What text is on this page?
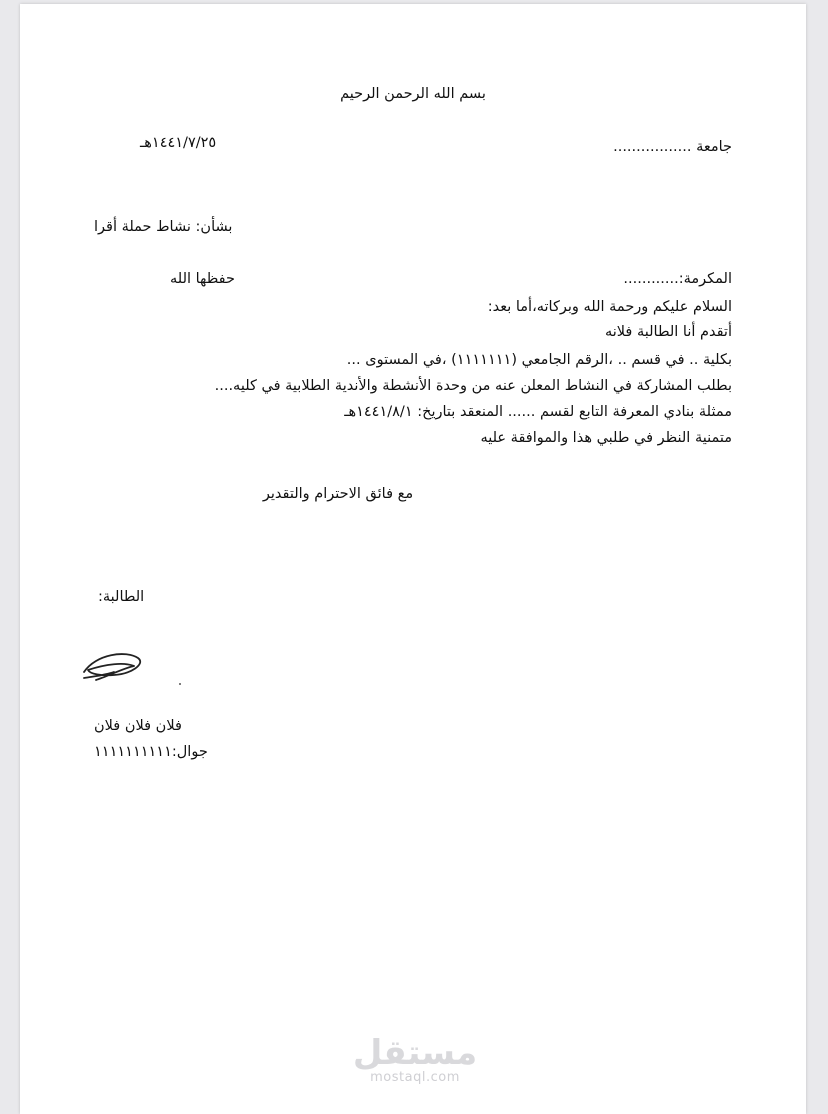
بسم الله الرحمن الرحيم
جامعة .................
١٤٤١/٧/٢٥هـ
بشأن: نشاط حملة أقرا
المكرمة:............
حفظها الله
السلام عليكم ورحمة الله وبركاته،أما بعد:
أتقدم أنا الطالبة فلانه
بكلية .. في قسم .. ،الرقم الجامعي (١١١١١١١) ،في المستوى ...
بطلب المشاركة في النشاط المعلن عنه من وحدة الأنشطة والأندية الطلابية في كليه....
ممثلة بنادي المعرفة التابع لقسم ...... المنعقد بتاريخ: ١٤٤١/٨/١هـ
متمنية النظر في طلبي هذا والموافقة عليه
مع فائق الاحترام والتقدير
الطالبة:
فلان فلان فلان
جوال:١١١١١١١١١١
مستقل
mostaql.com
